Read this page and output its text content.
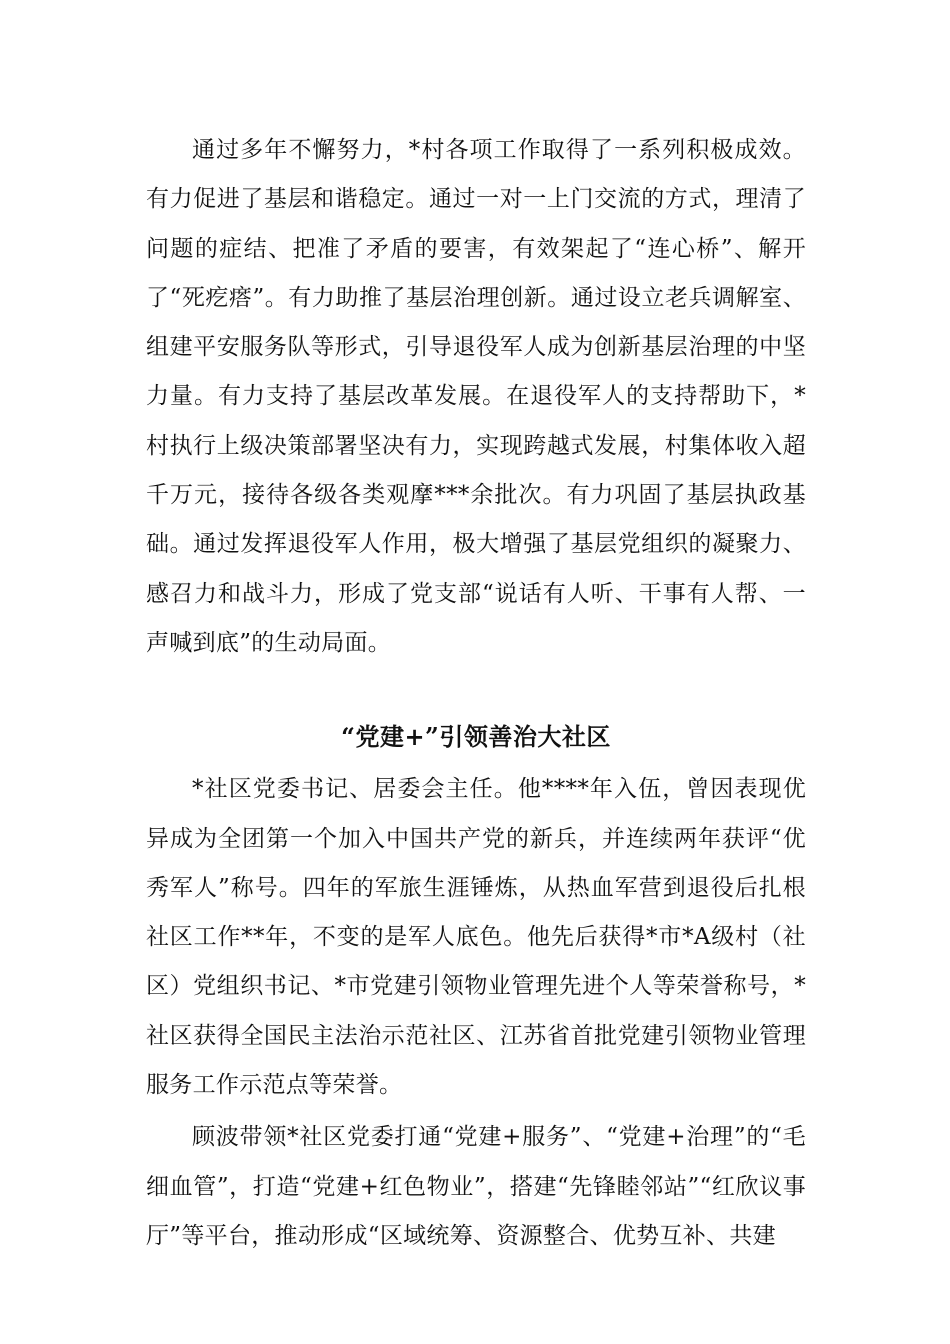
通过多年不懈努力，*村各项工作取得了一系列积极成效。有力促进了基层和谐稳定。通过一对一上门交流的方式，理清了问题的症结、把准了矛盾的要害，有效架起了“连心桥”、解开了“死疙瘩”。有力助推了基层治理创新。通过设立老兵调解室、组建平安服务队等形式，引导退役军人成为创新基层治理的中坚力量。有力支持了基层改革发展。在退役军人的支持帮助下，*村执行上级决策部署坚决有力，实现跨越式发展，村集体收入超千万元，接待各级各类观摩***余批次。有力巩固了基层执政基础。通过发挥退役军人作用，极大增强了基层党组织的凝聚力、感召力和战斗力，形成了党支部“说话有人听、干事有人帮、一声喊到底”的生动局面。

“党建+”引领善治大社区

*社区党委书记、居委会主任。他****年入伍，曾因表现优异成为全团第一个加入中国共产党的新兵，并连续两年获评“优秀军人”称号。四年的军旅生涯锤炼，从热血军营到退役后扎根社区工作**年，不变的是军人底色。他先后获得*市*A级村（社区）党组织书记、*市党建引领物业管理先进个人等荣誉称号，*社区获得全国民主法治示范社区、江苏省首批党建引领物业管理服务工作示范点等荣誉。

顾波带领*社区党委打通“党建+服务”、“党建+治理”的“毛细血管”，打造“党建+红色物业”，搭建“先锋睦邻站”“红欣议事厅”等平台，推动形成“区域统筹、资源整合、优势互补、共建
